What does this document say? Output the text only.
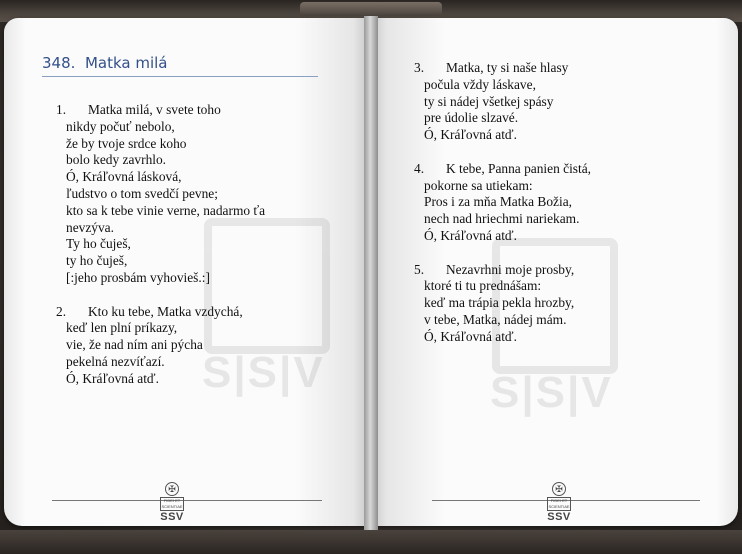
S|S|V
348. Matka milá
1. Matka milá, v svete toho
nikdy počuť nebolo,
že by tvoje srdce koho
bolo kedy zavrhlo.
Ó, Kráľovná lásková,
ľudstvo o tom svedčí pevne;
kto sa k tebe vinie verne, nadarmo ťa
nevzýva.
Ty ho čuješ,
ty ho čuješ,
[:jeho prosbám vyhovieš.:]
2. Kto ku tebe, Matka vzdychá,
keď len plní príkazy,
vie, že nad ním ani pýcha
pekelná nezvíťazí.
Ó, Kráľovná atď.
✠
FIDEI ET SCIENTIAE
SSV
S|S|V
3. Matka, ty si naše hlasy
počula vždy láskave,
ty si nádej všetkej spásy
pre údolie slzavé.
Ó, Kráľovná atď.
4. K tebe, Panna panien čistá,
pokorne sa utiekam:
Pros i za mňa Matka Božia,
nech nad hriechmi nariekam.
Ó, Kráľovná atď.
5. Nezavrhni moje prosby,
ktoré ti tu prednášam:
keď ma trápia pekla hrozby,
v tebe, Matka, nádej mám.
Ó, Kráľovná atď.
✠
FIDEI ET SCIENTIAE
SSV
